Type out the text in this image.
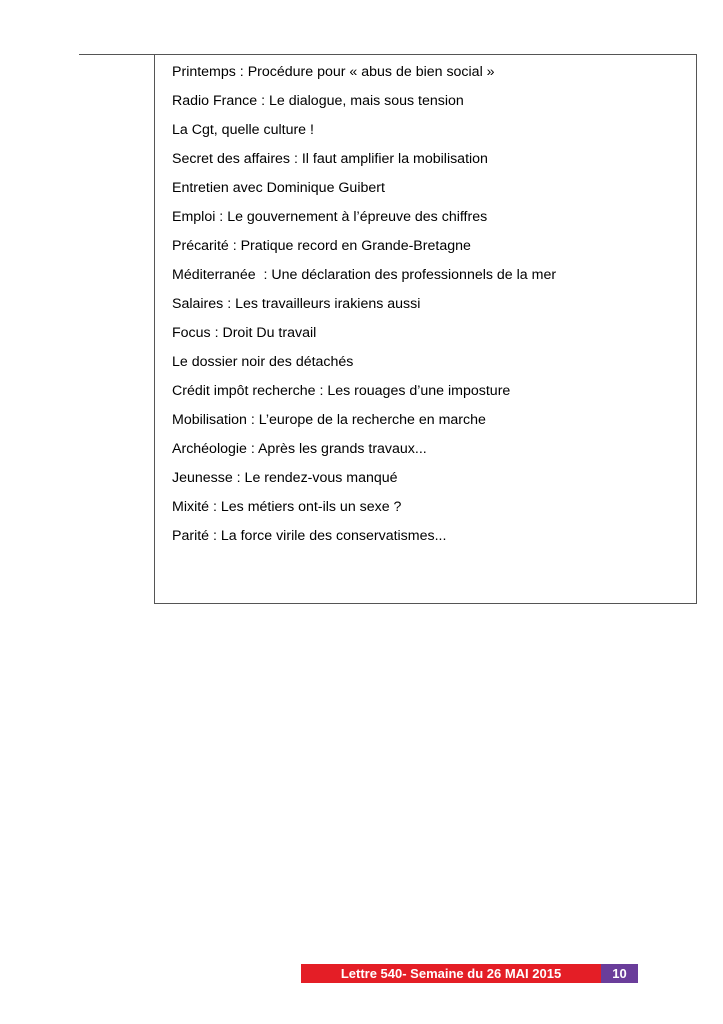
Printemps : Procédure pour « abus de bien social »
Radio France : Le dialogue, mais sous tension
La Cgt, quelle culture !
Secret des affaires : Il faut amplifier la mobilisation
Entretien avec Dominique Guibert
Emploi : Le gouvernement à l’épreuve des chiffres
Précarité : Pratique record en Grande-Bretagne
Méditerranée  : Une déclaration des professionnels de la mer
Salaires : Les travailleurs irakiens aussi
Focus : Droit Du travail
Le dossier noir des détachés
Crédit impôt recherche : Les rouages d’une imposture
Mobilisation : L’europe de la recherche en marche
Archéologie : Après les grands travaux...
Jeunesse : Le rendez-vous manqué
Mixité : Les métiers ont-ils un sexe ?
Parité : La force virile des conservatismes...
Lettre 540- Semaine du 26 MAI 2015	10
